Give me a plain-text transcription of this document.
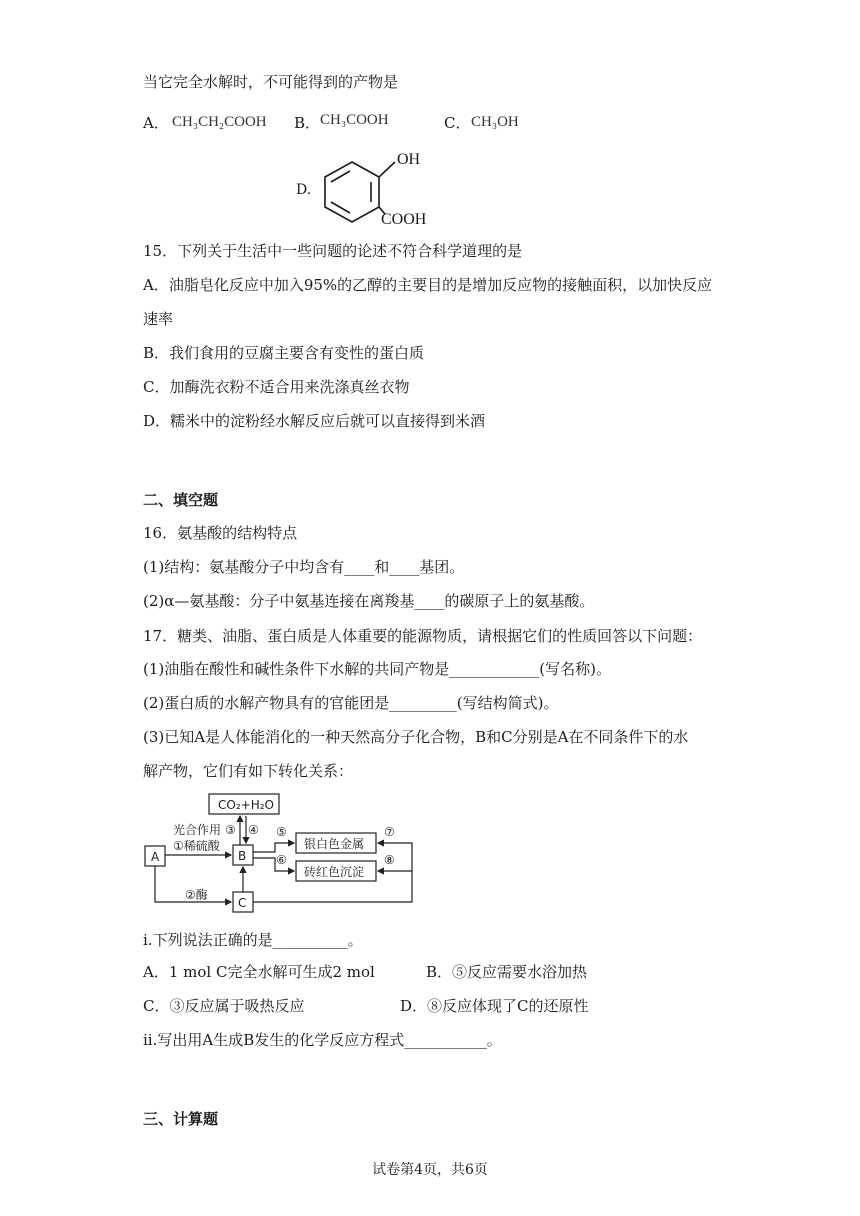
当它完全水解时，不可能得到的产物是
A． CH₃CH₂COOH B． CH₃COOH	C． CH₃OH
D.
OH
COOH
15．下列关于生活中一些问题的论述不符合科学道理的是
A．油脂皂化反应中加入95%的乙醇的主要目的是增加反应物的接触面积，以加快反应
速率
B．我们食用的豆腐主要含有变性的蛋白质
C．加酶洗衣粉不适合用来洗涤真丝衣物
D．糯米中的淀粉经水解反应后就可以直接得到米酒
二、填空题
16．氨基酸的结构特点
(1)结构：氨基酸分子中均含有____和____基团。
(2)α—氨基酸：分子中氨基连接在离羧基____的碳原子上的氨基酸。
17．糖类、油脂、蛋白质是人体重要的能源物质，请根据它们的性质回答以下问题：
(1)油脂在酸性和碱性条件下水解的共同产物是____________(写名称)。
(2)蛋白质的水解产物具有的官能团是_________(写结构简式)。
(3)已知A是人体能消化的一种天然高分子化合物，B和C分别是A在不同条件下的水
解产物，它们有如下转化关系：
CO₂+H₂O
光合作用 ③ ④
①稀硫酸
②酶
A	B
C
⑤
⑥
⑦
⑧
银白色金属
砖红色沉淀
i.下列说法正确的是__________。
A．1 mol C完全水解可生成2 mol	B．⑤反应需要水浴加热
C．③反应属于吸热反应	D．⑧反应体现了C的还原性
ii.写出用A生成B发生的化学反应方程式___________。
三、计算题
试卷第4页，共6页
